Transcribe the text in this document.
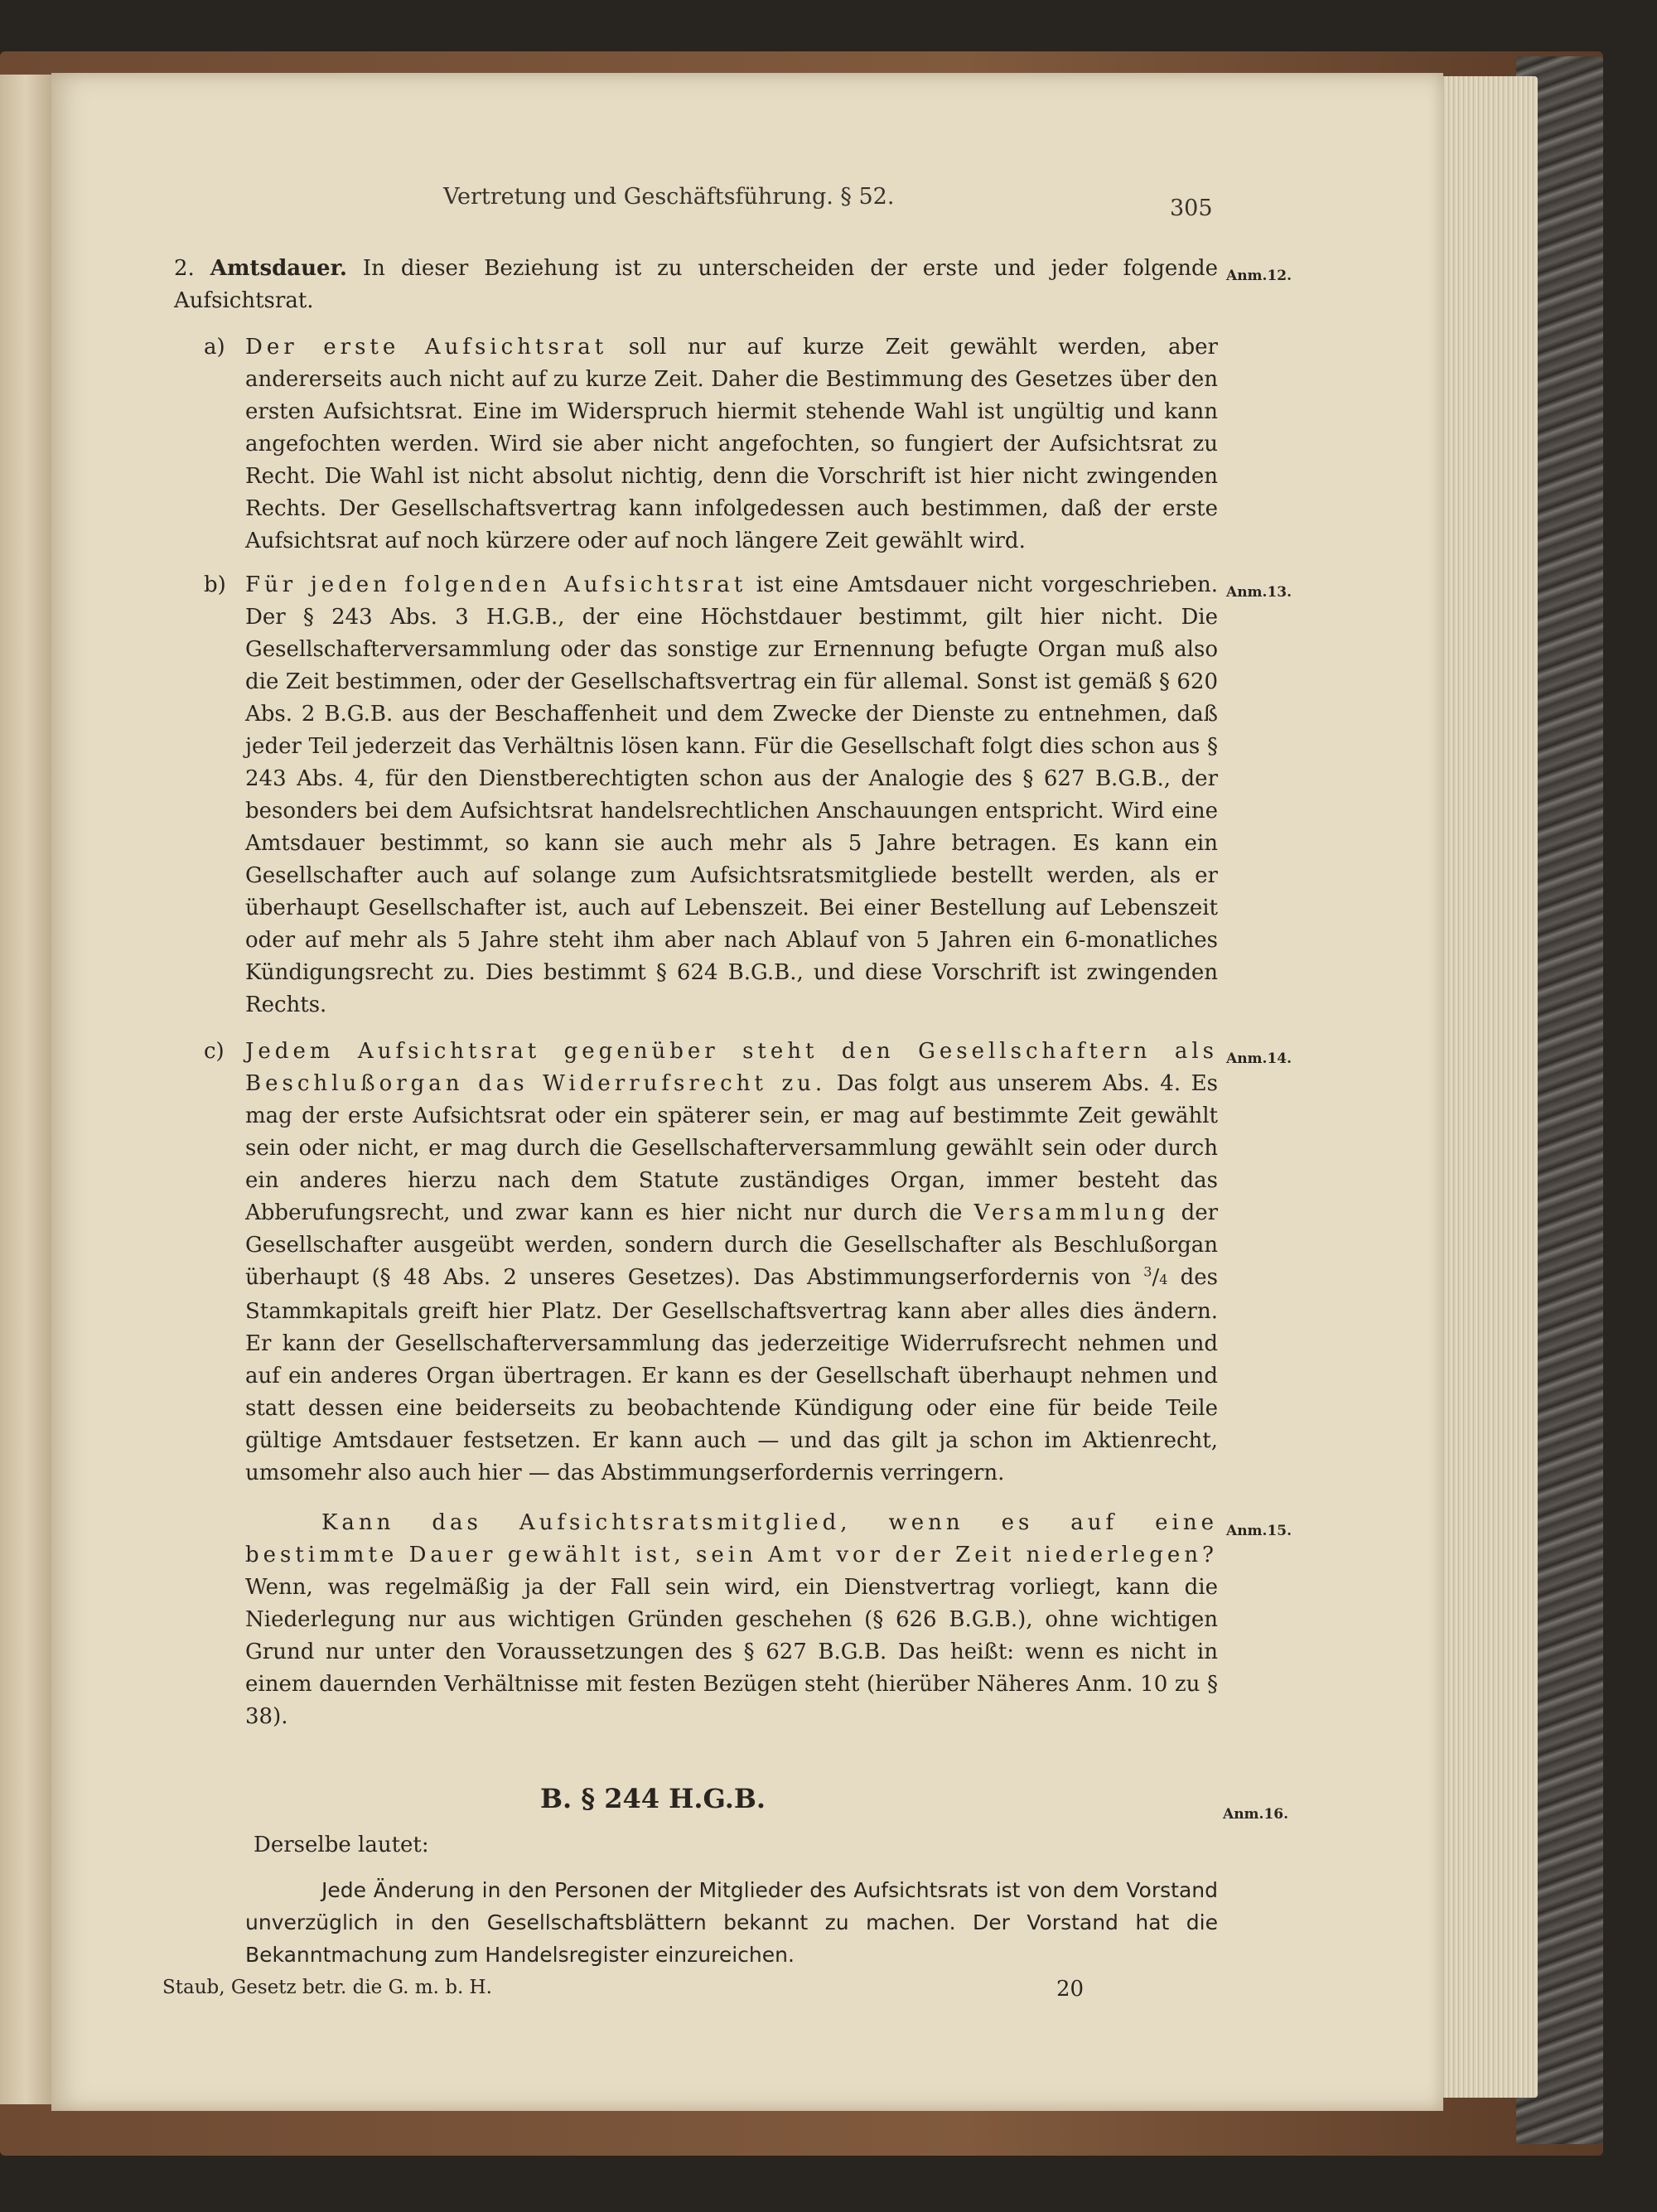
Vertretung und Geschäftsführung. § 52.	305
2. Amtsdauer. In dieser Beziehung ist zu unterscheiden der erste und jeder folgende Aufsichtsrat.
Anm.12.
a) Der erste Aufsichtsrat soll nur auf kurze Zeit gewählt werden, aber andererseits auch nicht auf zu kurze Zeit. Daher die Bestimmung des Gesetzes über den ersten Aufsichtsrat. Eine im Widerspruch hiermit stehende Wahl ist ungültig und kann angefochten werden. Wird sie aber nicht angefochten, so fungiert der Aufsichtsrat zu Recht. Die Wahl ist nicht absolut nichtig, denn die Vorschrift ist hier nicht zwingenden Rechts. Der Gesellschaftsvertrag kann infolgedessen auch bestimmen, daß der erste Aufsichtsrat auf noch kürzere oder auf noch längere Zeit gewählt wird.
b) Für jeden folgenden Aufsichtsrat ist eine Amtsdauer nicht vorgeschrieben. Der § 243 Abs. 3 H.G.B., der eine Höchstdauer bestimmt, gilt hier nicht. Die Gesellschafterversammlung oder das sonstige zur Ernennung befugte Organ muß also die Zeit bestimmen, oder der Gesellschaftsvertrag ein für allemal. Sonst ist gemäß § 620 Abs. 2 B.G.B. aus der Beschaffenheit und dem Zwecke der Dienste zu entnehmen, daß jeder Teil jederzeit das Verhältnis lösen kann. Für die Gesellschaft folgt dies schon aus § 243 Abs. 4, für den Dienstberechtigten schon aus der Analogie des § 627 B.G.B., der besonders bei dem Aufsichtsrat handelsrechtlichen Anschauungen entspricht. Wird eine Amtsdauer bestimmt, so kann sie auch mehr als 5 Jahre betragen. Es kann ein Gesellschafter auch auf solange zum Aufsichtsratsmitgliede bestellt werden, als er überhaupt Gesellschafter ist, auch auf Lebenszeit. Bei einer Bestellung auf Lebenszeit oder auf mehr als 5 Jahre steht ihm aber nach Ablauf von 5 Jahren ein 6-monatliches Kündigungsrecht zu. Dies bestimmt § 624 B.G.B., und diese Vorschrift ist zwingenden Rechts.
Anm.13.
c) Jedem Aufsichtsrat gegenüber steht den Gesellschaftern als Beschlußorgan das Widerrufsrecht zu. Das folgt aus unserem Abs. 4. Es mag der erste Aufsichtsrat oder ein späterer sein, er mag auf bestimmte Zeit gewählt sein oder nicht, er mag durch die Gesellschafterversammlung gewählt sein oder durch ein anderes hierzu nach dem Statute zuständiges Organ, immer besteht das Abberufungsrecht, und zwar kann es hier nicht nur durch die Versammlung der Gesellschafter ausgeübt werden, sondern durch die Gesellschafter als Beschlußorgan überhaupt (§ 48 Abs. 2 unseres Gesetzes). Das Abstimmungserfordernis von $^3$/4 des Stammkapitals greift hier Platz. Der Gesellschaftsvertrag kann aber alles dies ändern. Er kann der Gesellschafterversammlung das jederzeitige Widerrufsrecht nehmen und auf ein anderes Organ übertragen. Er kann es der Gesellschaft überhaupt nehmen und statt dessen eine beiderseits zu beobachtende Kündigung oder eine für beide Teile gültige Amtsdauer festsetzen. Er kann auch — und das gilt ja schon im Aktienrecht, umsomehr also auch hier — das Abstimmungserfordernis verringern.
Anm.14.
Kann das Aufsichtsratsmitglied, wenn es auf eine bestimmte Dauer gewählt ist, sein Amt vor der Zeit niederlegen? Wenn, was regelmäßig ja der Fall sein wird, ein Dienstvertrag vorliegt, kann die Niederlegung nur aus wichtigen Gründen geschehen (§ 626 B.G.B.), ohne wichtigen Grund nur unter den Voraussetzungen des § 627 B.G.B. Das heißt: wenn es nicht in einem dauernden Verhältnisse mit festen Bezügen steht (hierüber Näheres Anm. 10 zu § 38).
Anm.15.
B. § 244 H.G.B.	Anm.16.
Derselbe lautet:
Jede Änderung in den Personen der Mitglieder des Aufsichtsrats ist von dem Vorstand unverzüglich in den Gesellschaftsblättern bekannt zu machen. Der Vorstand hat die Bekanntmachung zum Handelsregister einzureichen.
Staub, Gesetz betr. die G. m. b. H.	20
